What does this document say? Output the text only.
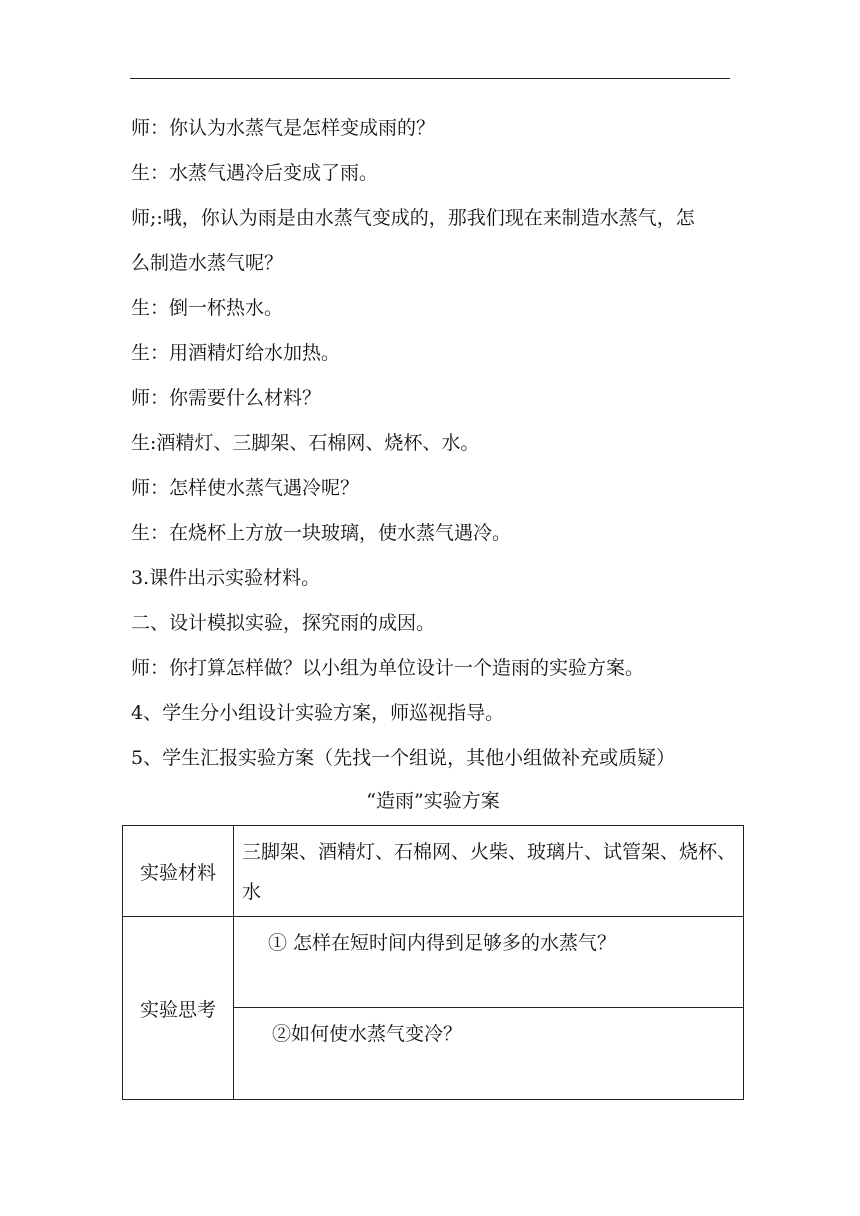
师：你认为水蒸气是怎样变成雨的？
生：水蒸气遇冷后变成了雨。
师;:哦，你认为雨是由水蒸气变成的，那我们现在来制造水蒸气，怎
么制造水蒸气呢？
生：倒一杯热水。
生：用酒精灯给水加热。
师：你需要什么材料？
生:酒精灯、三脚架、石棉网、烧杯、水。
师：怎样使水蒸气遇冷呢？
生：在烧杯上方放一块玻璃，使水蒸气遇冷。
3.课件出示实验材料。
二、设计模拟实验，探究雨的成因。
师：你打算怎样做？以小组为单位设计一个造雨的实验方案。
4、学生分小组设计实验方案，师巡视指导。
5、学生汇报实验方案（先找一个组说，其他小组做补充或质疑）
“造雨”实验方案
实验材料	三脚架、酒精灯、石棉网、火柴、玻璃片、试管架、烧杯、水

实验思考	① 怎样在短时间内得到足够多的水蒸气？
②如何使水蒸气变冷？
